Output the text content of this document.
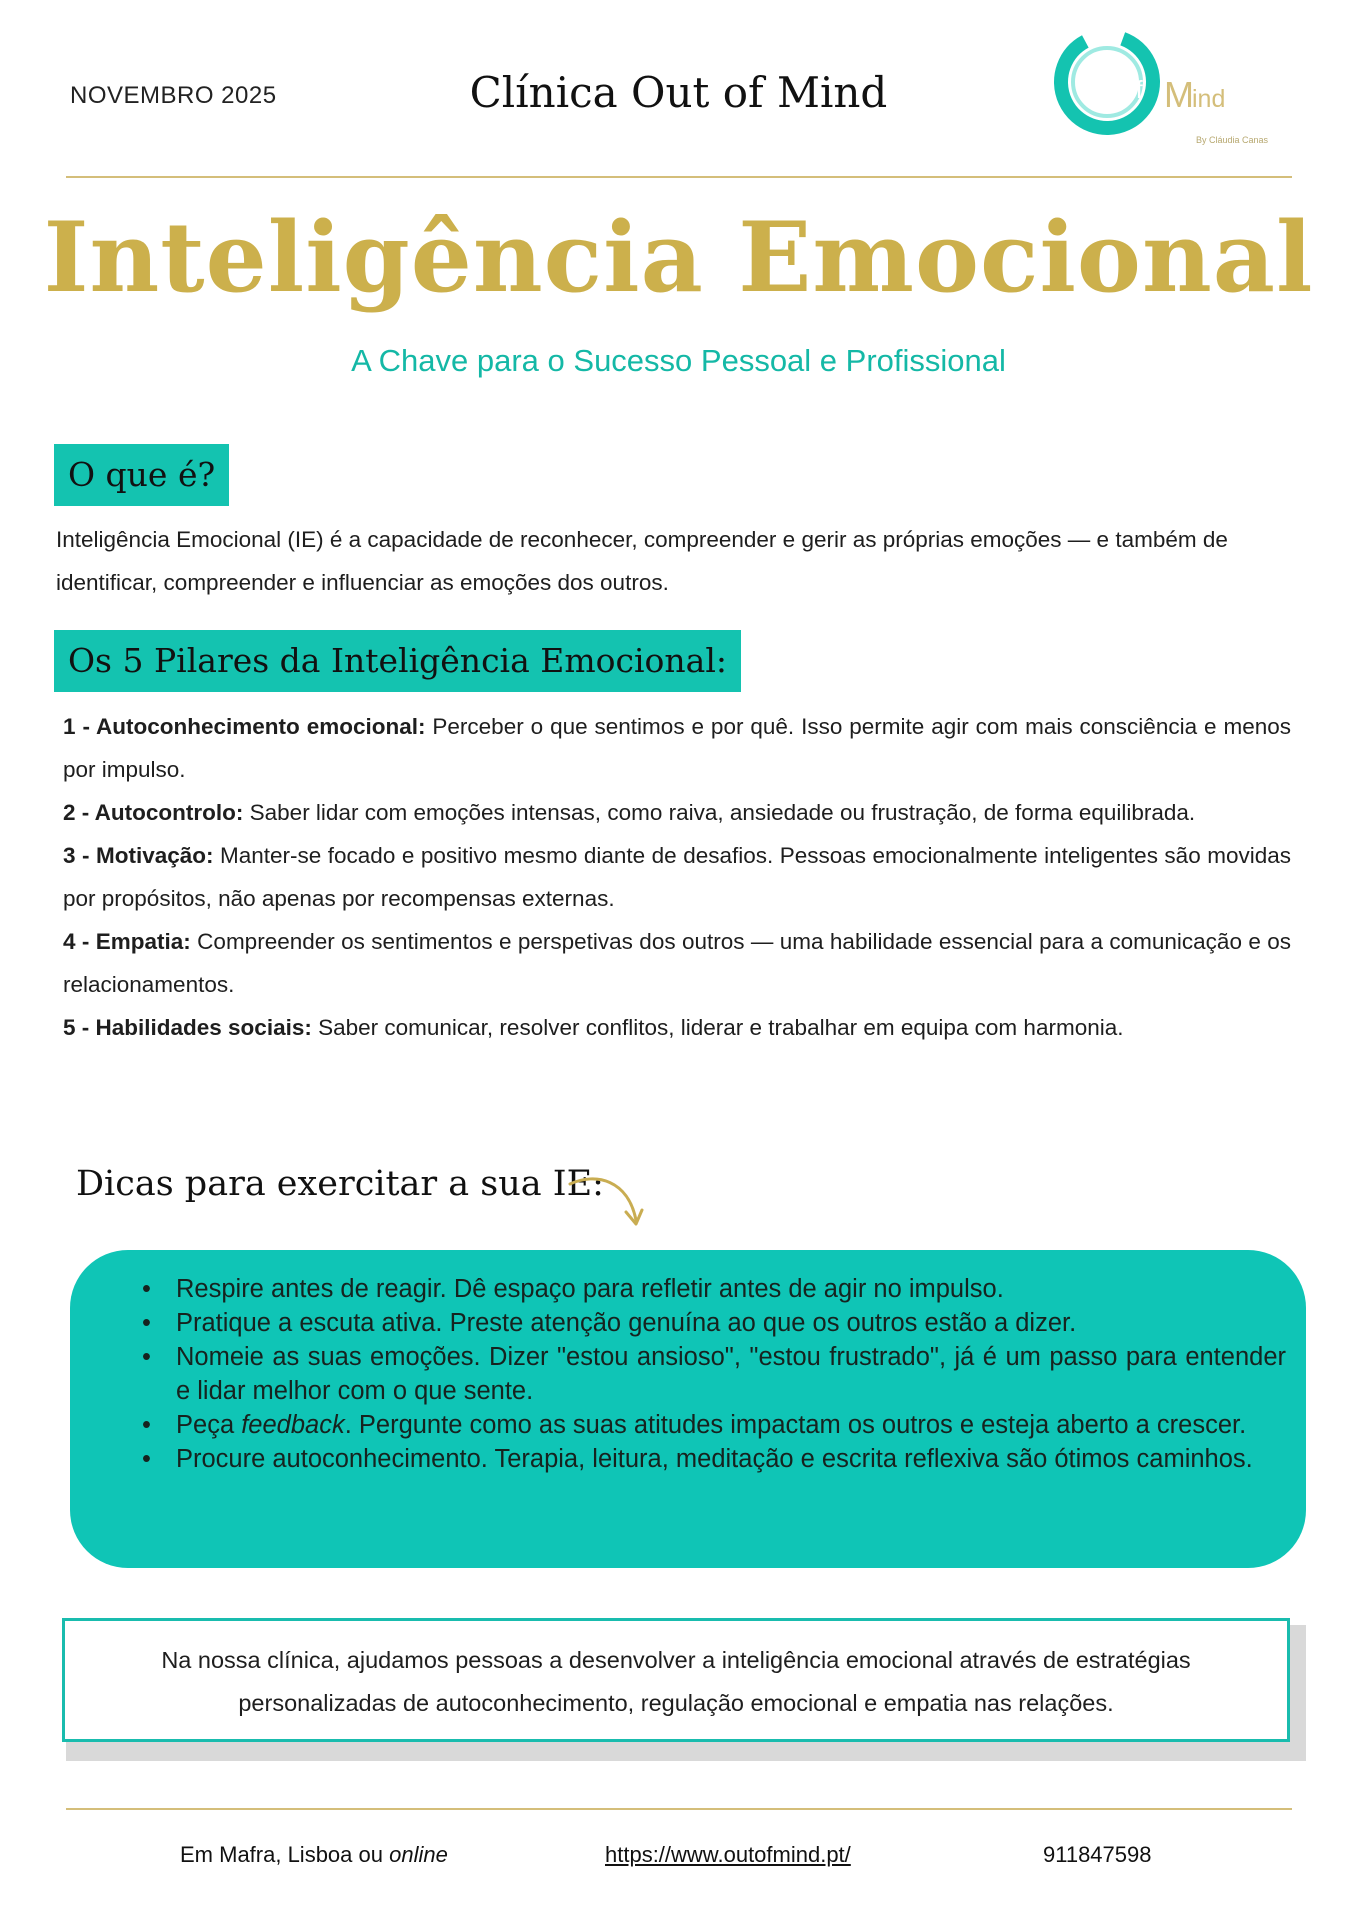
NOVEMBRO 2025	Clínica Out of Mind	ut of M
ind
By Cláudia Canas
Inteligência Emocional
A Chave para o Sucesso Pessoal e Profissional
O que é?
Inteligência Emocional (IE) é a capacidade de reconhecer, compreender e gerir as próprias emoções — e também de identificar, compreender e influenciar as emoções dos outros.
Os 5 Pilares da Inteligência Emocional:

1 - Autoconhecimento emocional: Perceber o que sentimos e por quê. Isso permite agir com mais consciência e menos por impulso.

2 - Autocontrolo: Saber lidar com emoções intensas, como raiva, ansiedade ou frustração, de forma equilibrada.

3 - Motivação: Manter-se focado e positivo mesmo diante de desafios. Pessoas emocionalmente inteligentes são movidas por propósitos, não apenas por recompensas externas.

4 - Empatia: Compreender os sentimentos e perspetivas dos outros — uma habilidade essencial para a comunicação e os relacionamentos.

5 - Habilidades sociais: Saber comunicar, resolver conflitos, liderar e trabalhar em equipa com harmonia.

Dicas para exercitar a sua IE:
• Respire antes de reagir. Dê espaço para refletir antes de agir no impulso.
• Pratique a escuta ativa. Preste atenção genuína ao que os outros estão a dizer.
• Nomeie as suas emoções. Dizer "estou ansioso", "estou frustrado", já é um passo para entender e lidar melhor com o que sente.
• Peça feedback. Pergunte como as suas atitudes impactam os outros e esteja aberto a crescer.
• Procure autoconhecimento. Terapia, leitura, meditação e escrita reflexiva são ótimos caminhos.
Na nossa clínica, ajudamos pessoas a desenvolver a inteligência emocional através de estratégias personalizadas de autoconhecimento, regulação emocional e empatia nas relações.
Em Mafra, Lisboa ou online	https://www.outofmind.pt/	911847598
